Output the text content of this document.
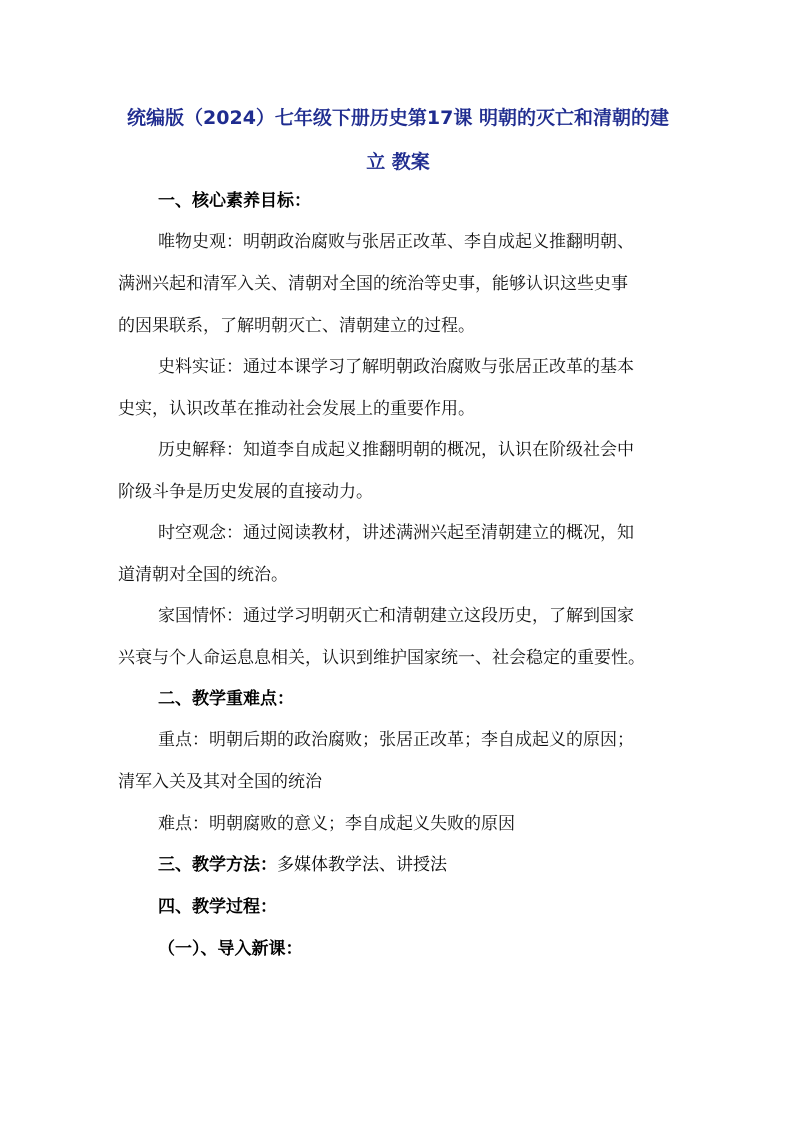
统编版（2024）七年级下册历史第17课 明朝的灭亡和清朝的建
立 教案
一、核心素养目标：
唯物史观：明朝政治腐败与张居正改革、李自成起义推翻明朝、
满洲兴起和清军入关、清朝对全国的统治等史事，能够认识这些史事
的因果联系，了解明朝灭亡、清朝建立的过程。
史料实证：通过本课学习了解明朝政治腐败与张居正改革的基本
史实，认识改革在推动社会发展上的重要作用。
历史解释：知道李自成起义推翻明朝的概况，认识在阶级社会中
阶级斗争是历史发展的直接动力。
时空观念：通过阅读教材，讲述满洲兴起至清朝建立的概况，知
道清朝对全国的统治。
家国情怀：通过学习明朝灭亡和清朝建立这段历史，了解到国家
兴衰与个人命运息息相关，认识到维护国家统一、社会稳定的重要性。
二、教学重难点：
重点：明朝后期的政治腐败；张居正改革；李自成起义的原因；
清军入关及其对全国的统治
难点：明朝腐败的意义；李自成起义失败的原因
三、教学方法：多媒体教学法、讲授法
四、教学过程：
（一）、导入新课：
